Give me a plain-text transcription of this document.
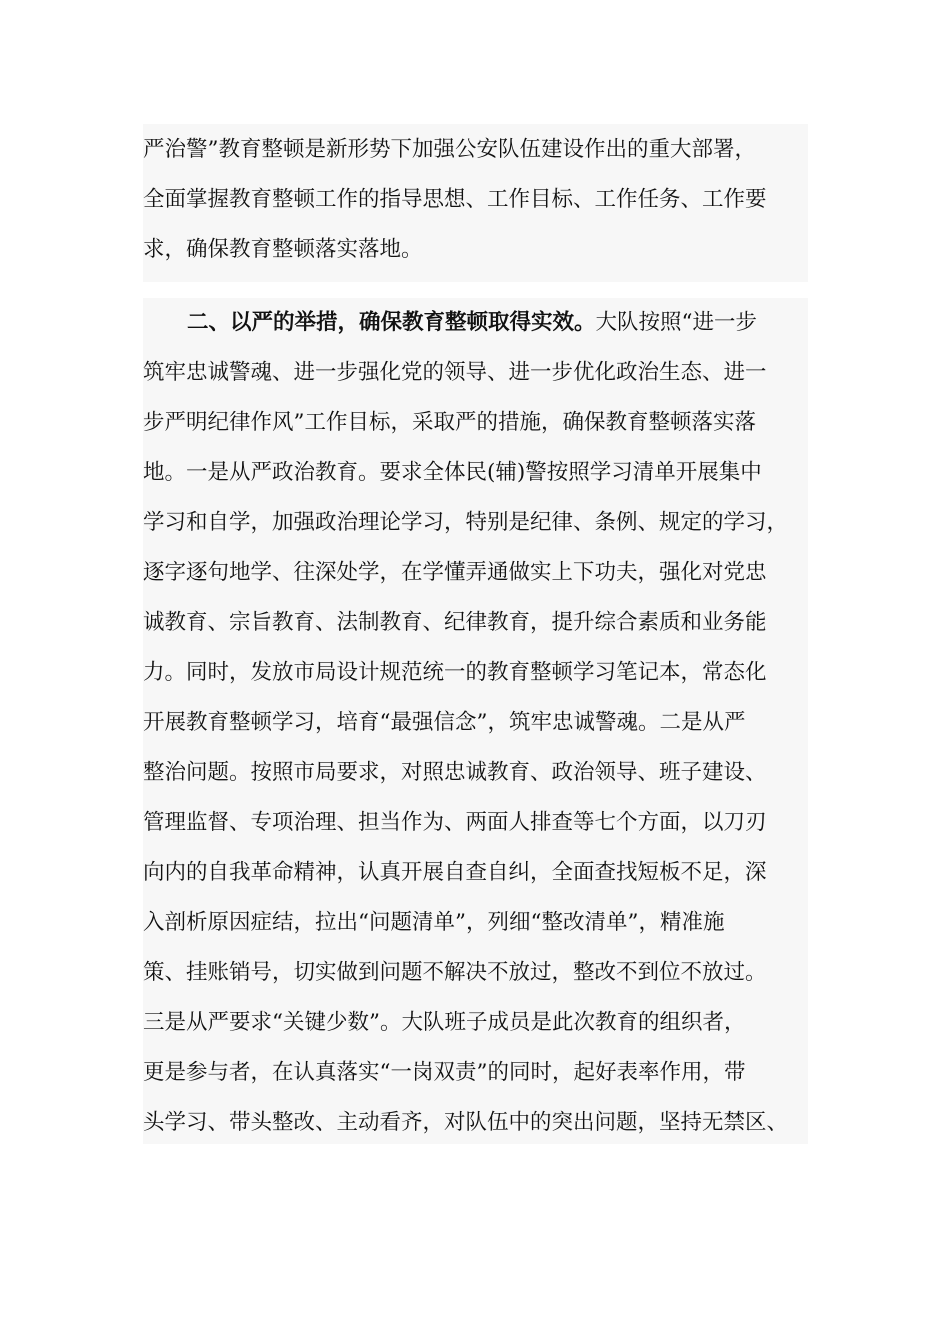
严治警”教育整顿是新形势下加强公安队伍建设作出的重大部署，
全面掌握教育整顿工作的指导思想、工作目标、工作任务、工作要
求，确保教育整顿落实落地。
二、以严的举措，确保教育整顿取得实效。大队按照“进一步
筑牢忠诚警魂、进一步强化党的领导、进一步优化政治生态、进一
步严明纪律作风”工作目标，采取严的措施，确保教育整顿落实落
地。一是从严政治教育。要求全体民(辅)警按照学习清单开展集中
学习和自学，加强政治理论学习，特别是纪律、条例、规定的学习，
逐字逐句地学、往深处学，在学懂弄通做实上下功夫，强化对党忠
诚教育、宗旨教育、法制教育、纪律教育，提升综合素质和业务能
力。同时，发放市局设计规范统一的教育整顿学习笔记本，常态化
开展教育整顿学习，培育“最强信念”，筑牢忠诚警魂。二是从严
整治问题。按照市局要求，对照忠诚教育、政治领导、班子建设、
管理监督、专项治理、担当作为、两面人排查等七个方面，以刀刃
向内的自我革命精神，认真开展自查自纠，全面查找短板不足，深
入剖析原因症结，拉出“问题清单”，列细“整改清单”，精准施
策、挂账销号，切实做到问题不解决不放过，整改不到位不放过。
三是从严要求“关键少数”。大队班子成员是此次教育的组织者，
更是参与者，在认真落实“一岗双责”的同时，起好表率作用，带
头学习、带头整改、主动看齐，对队伍中的突出问题，坚持无禁区、
